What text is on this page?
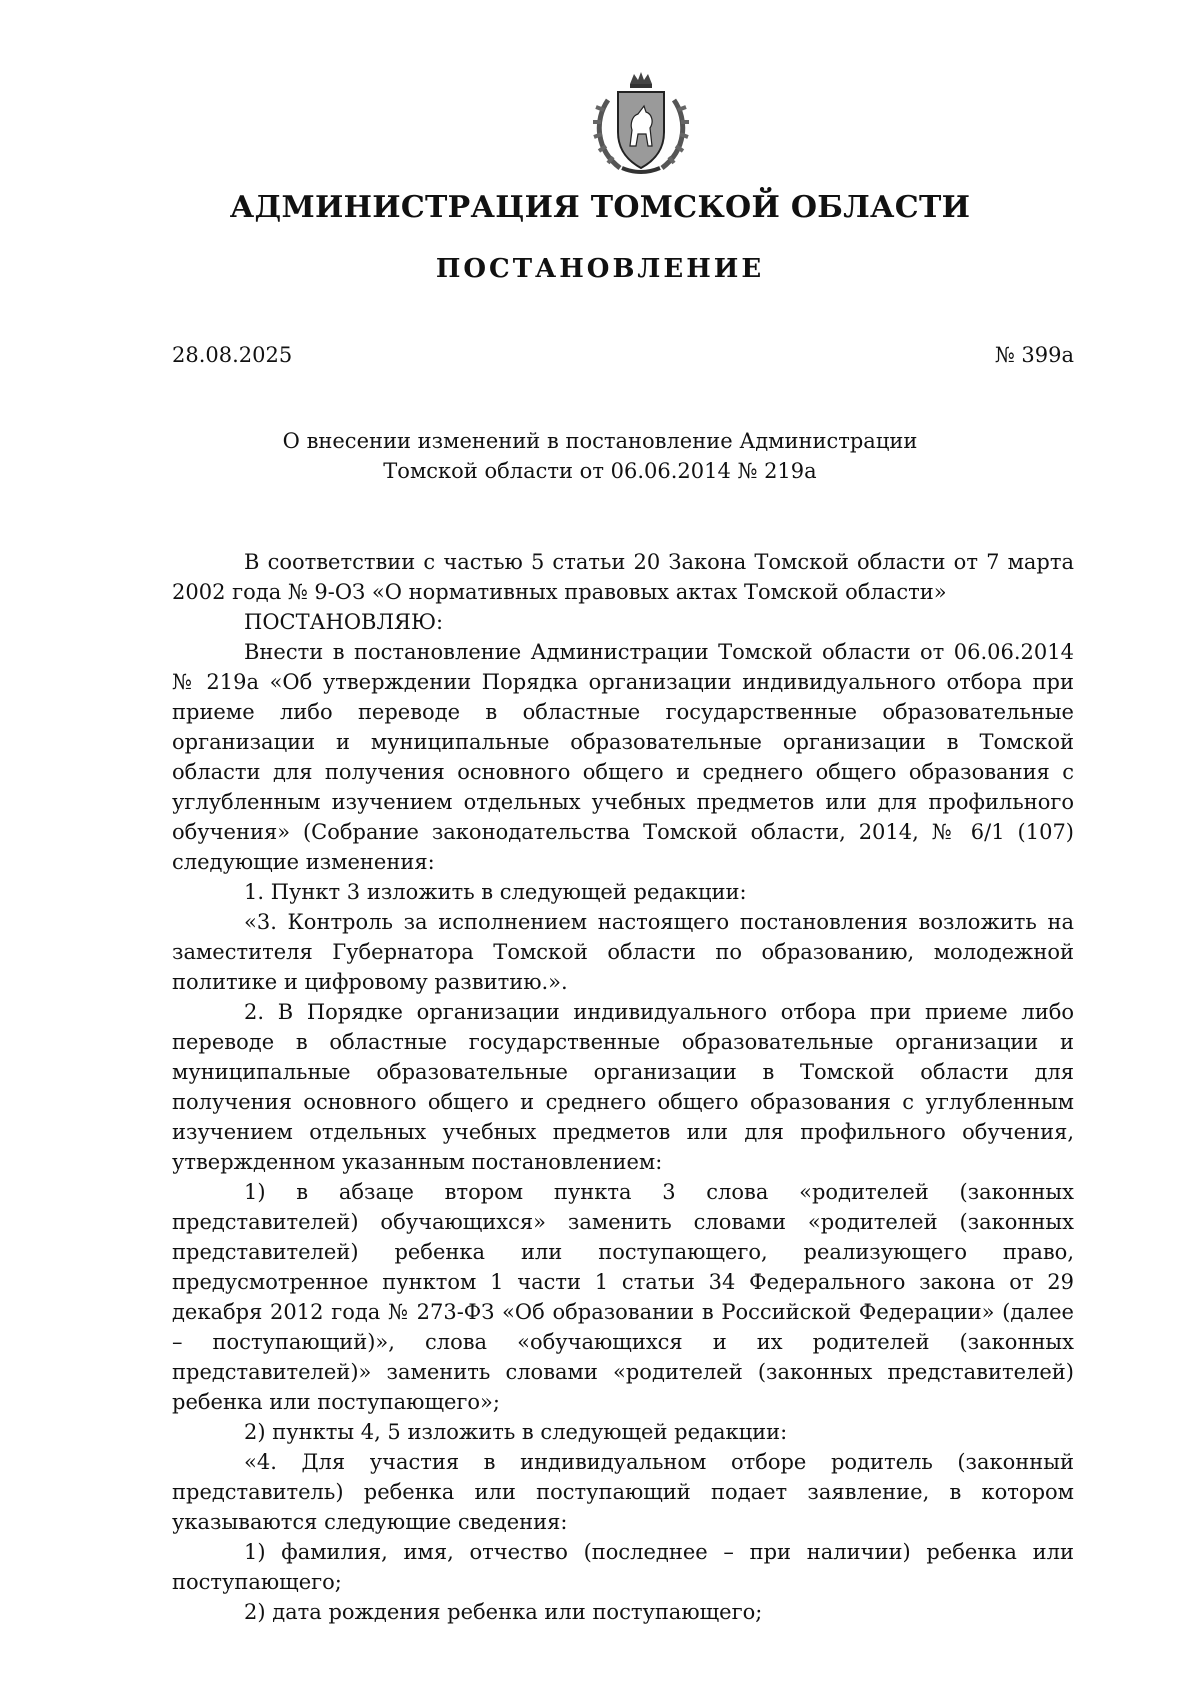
АДМИНИСТРАЦИЯ ТОМСКОЙ ОБЛАСТИ
ПОСТАНОВЛЕНИЕ
28.08.2025	№ 399а
О внесении изменений в постановление Администрации
Томской области от 06.06.2014 № 219а

В соответствии с частью 5 статьи 20 Закона Томской области от 7 марта 2002 года № 9-ОЗ «О нормативных правовых актах Томской области»

ПОСТАНОВЛЯЮ:

Внести в постановление Администрации Томской области от 06.06.2014 № 219а «Об утверждении Порядка организации индивидуального отбора при приеме либо переводе в областные государственные образовательные организации и муниципальные образовательные организации в Томской области для получения основного общего и среднего общего образования с углубленным изучением отдельных учебных предметов или для профильного обучения» (Собрание законодательства Томской области, 2014, № 6/1 (107) следующие изменения:

1. Пункт 3 изложить в следующей редакции:

«3. Контроль за исполнением настоящего постановления возложить на заместителя Губернатора Томской области по образованию, молодежной политике и цифровому развитию.».

2. В Порядке организации индивидуального отбора при приеме либо переводе в областные государственные образовательные организации и муниципальные образовательные организации в Томской области для получения основного общего и среднего общего образования с углубленным изучением отдельных учебных предметов или для профильного обучения, утвержденном указанным постановлением:

1) в абзаце втором пункта 3 слова «родителей (законных представителей) обучающихся» заменить словами «родителей (законных представителей) ребенка или поступающего, реализующего право, предусмотренное пунктом 1 части 1 статьи 34 Федерального закона от 29 декабря 2012 года № 273-ФЗ «Об образовании в Российской Федерации» (далее – поступающий)», слова «обучающихся и их родителей (законных представителей)» заменить словами «родителей (законных представителей) ребенка или поступающего»;

2) пункты 4, 5 изложить в следующей редакции:

«4. Для участия в индивидуальном отборе родитель (законный представитель) ребенка или поступающий подает заявление, в котором указываются следующие сведения:

1) фамилия, имя, отчество (последнее – при наличии) ребенка или поступающего;

2) дата рождения ребенка или поступающего;
